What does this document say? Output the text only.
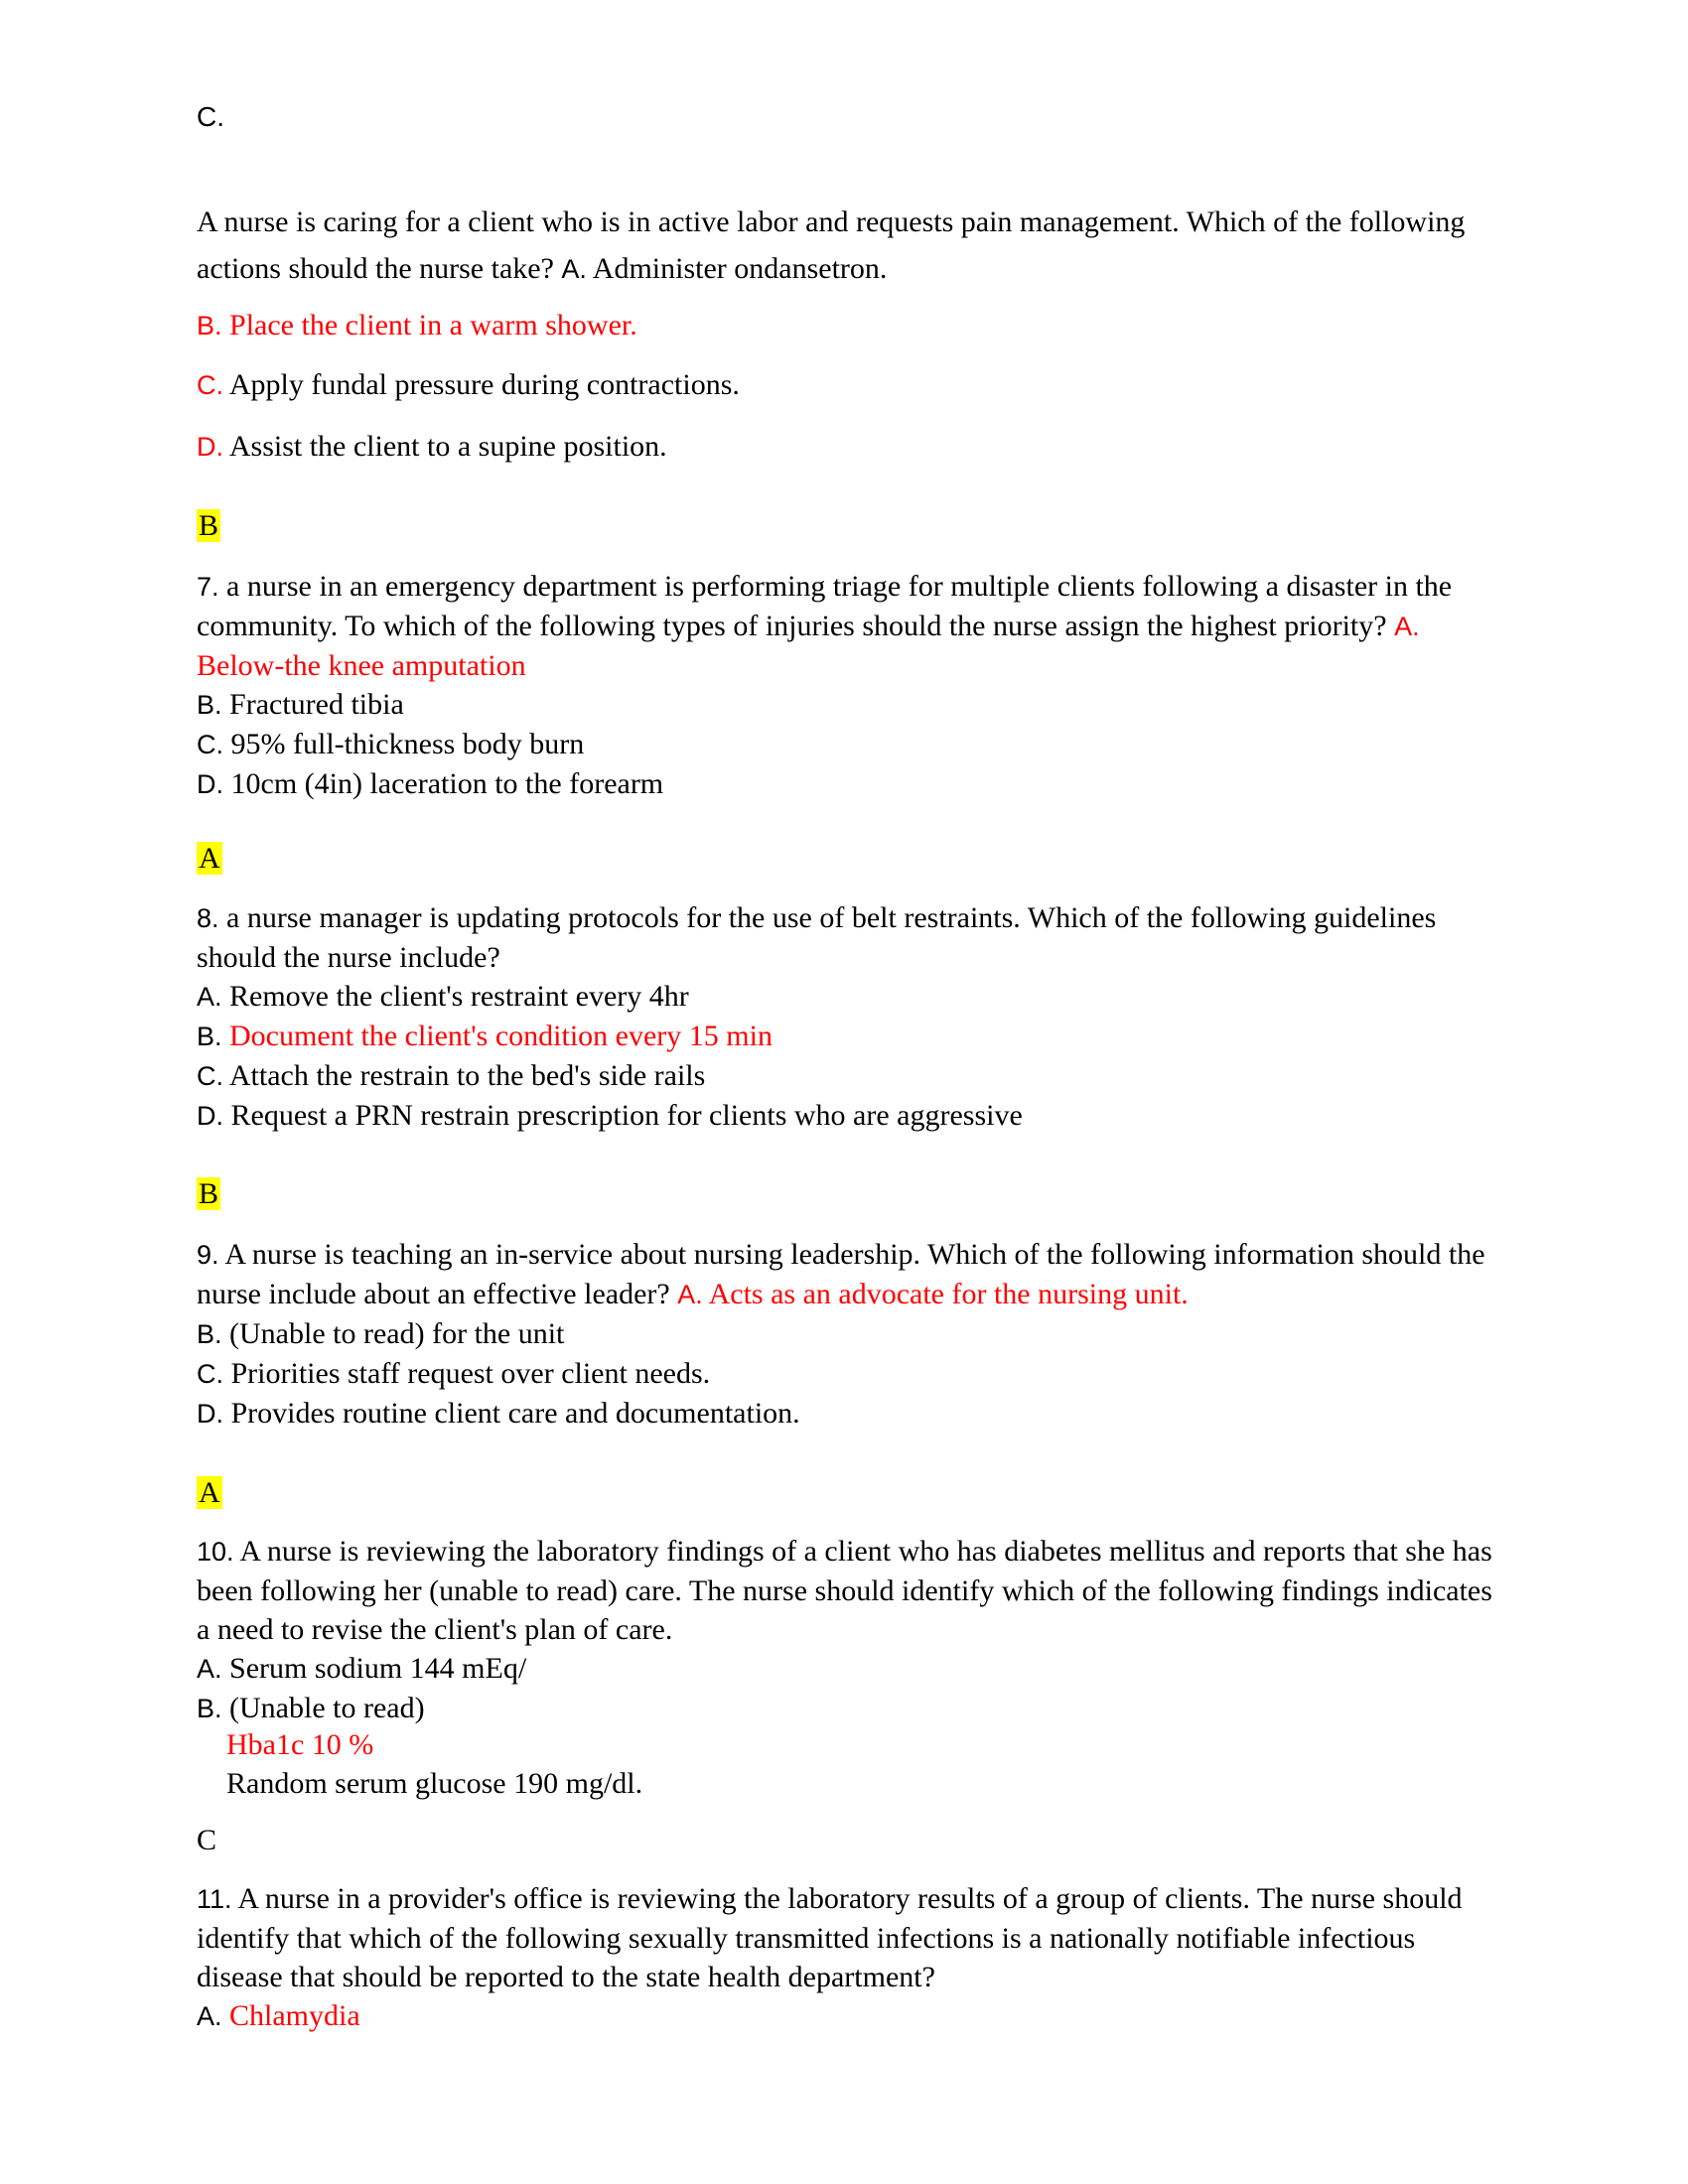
C.
A nurse is caring for a client who is in active labor and requests pain management. Which of the following actions should the nurse take? A. Administer ondansetron.
B. Place the client in a warm shower.
C. Apply fundal pressure during contractions.
D. Assist the client to a supine position.
B
7. a nurse in an emergency department is performing triage for multiple clients following a disaster in the community. To which of the following types of injuries should the nurse assign the highest priority? A. Below-the knee amputation
B. Fractured tibia
C. 95% full-thickness body burn
D. 10cm (4in) laceration to the forearm
A
8. a nurse manager is updating protocols for the use of belt restraints. Which of the following guidelines should the nurse include?
A. Remove the client's restraint every 4hr
B. Document the client's condition every 15 min
C. Attach the restrain to the bed's side rails
D. Request a PRN restrain prescription for clients who are aggressive
B
9. A nurse is teaching an in-service about nursing leadership. Which of the following information should the nurse include about an effective leader? A. Acts as an advocate for the nursing unit.
B. (Unable to read) for the unit
C. Priorities staff request over client needs.
D. Provides routine client care and documentation.
A
10. A nurse is reviewing the laboratory findings of a client who has diabetes mellitus and reports that she has been following her (unable to read) care. The nurse should identify which of the following findings indicates a need to revise the client's plan of care.
A. Serum sodium 144 mEq/
B. (Unable to read)
Hba1c 10 %
Random serum glucose 190 mg/dl.
C
11. A nurse in a provider's office is reviewing the laboratory results of a group of clients. The nurse should identify that which of the following sexually transmitted infections is a nationally notifiable infectious disease that should be reported to the state health department?
A. Chlamydia
